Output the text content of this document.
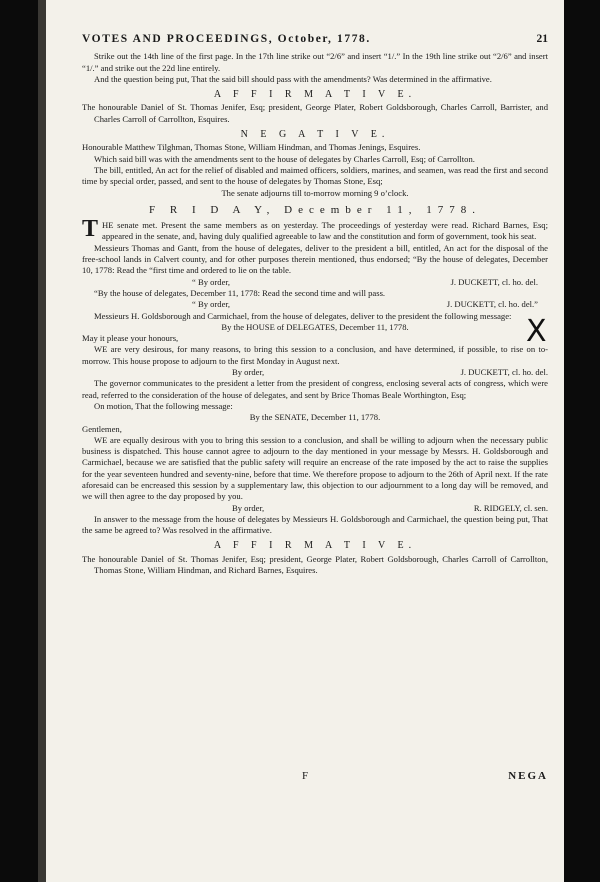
VOTES AND PROCEEDINGS, October, 1778.	21

Strike out the 14th line of the first page. In the 17th line strike out “2/6” and insert “1/.” In the 19th line strike out “2/6” and insert “1/.” and strike out the 22d line entirely.

And the question being put, That the said bill should pass with the amendments? Was determined in the affirmative.

A F F I R M A T I V E.

The honourable Daniel of St. Thomas Jenifer, Esq; president, George Plater, Robert Goldsborough, Charles Carroll, Barrister, and Charles Carroll of Carrollton, Esquires.

N E G A T I V E.

Honourable Matthew Tilghman, Thomas Stone, William Hindman, and Thomas Jenings, Esquires.

Which said bill was with the amendments sent to the house of delegates by Charles Carroll, Esq; of Carrollton.

The bill, entitled, An act for the relief of disabled and maimed officers, soldiers, marines, and seamen, was read the first and second time by special order, passed, and sent to the house of delegates by Thomas Stone, Esq;

The senate adjourns till to-morrow morning 9 o’clock.

F R I D A Y, December 11, 1778.

T HE senate met. Present the same members as on yesterday. The proceedings of yesterday were read. Richard Barnes, Esq; appeared in the senate, and, having duly qualified agreeable to law and the constitution and form of government, took his seat.

Messieurs Thomas and Gantt, from the house of delegates, deliver to the president a bill, entitled, An act for the disposal of the free-school lands in Calvert county, and for other purposes therein mentioned, thus endorsed; “By the house of delegates, December 10, 1778: Read the “first time and ordered to lie on the table.

“ By order,	J. DUCKETT, cl. ho. del.

“By the house of delegates, December 11, 1778: Read the second time and will pass.

“ By order,	J. DUCKETT, cl. ho. del.”

Messieurs H. Goldsborough and Carmichael, from the house of delegates, deliver to the president the following message:

By the HOUSE of DELEGATES, December 11, 1778.

May it please your honours,

WE are very desirous, for many reasons, to bring this session to a conclusion, and have determined, if possible, to rise on to-morrow. This house propose to adjourn to the first Monday in August next.

By order,	J. DUCKETT, cl. ho. del.

The governor communicates to the president a letter from the president of congress, enclosing several acts of congress, which were read, referred to the consideration of the house of delegates, and sent by Brice Thomas Beale Worthington, Esq;

On motion, That the following message:

By the SENATE, December 11, 1778.

Gentlemen,

WE are equally desirous with you to bring this session to a conclusion, and shall be willing to adjourn when the necessary public business is dispatched. This house cannot agree to adjourn to the day mentioned in your message by Messrs. H. Goldsborough and Carmichael, because we are satisfied that the public safety will require an encrease of the rate imposed by the act to raise the supplies for the year seventeen hundred and seventy-nine, before that time. We therefore propose to adjourn to the 26th of April next. If the rate aforesaid can be encreased this session by a supplementary law, this objection to our adjournment to a long day will be removed, and we will then agree to the day proposed by you.

By order,	R. RIDGELY, cl. sen.

In answer to the message from the house of delegates by Messieurs H. Goldsborough and Carmichael, the question being put, That the same be agreed to? Was resolved in the affirmative.

A F F I R M A T I V E.

The honourable Daniel of St. Thomas Jenifer, Esq; president, George Plater, Robert Goldsborough, Charles Carroll of Carrollton, Thomas Stone, William Hindman, and Richard Barnes, Esquires.

F	NEGA
X
